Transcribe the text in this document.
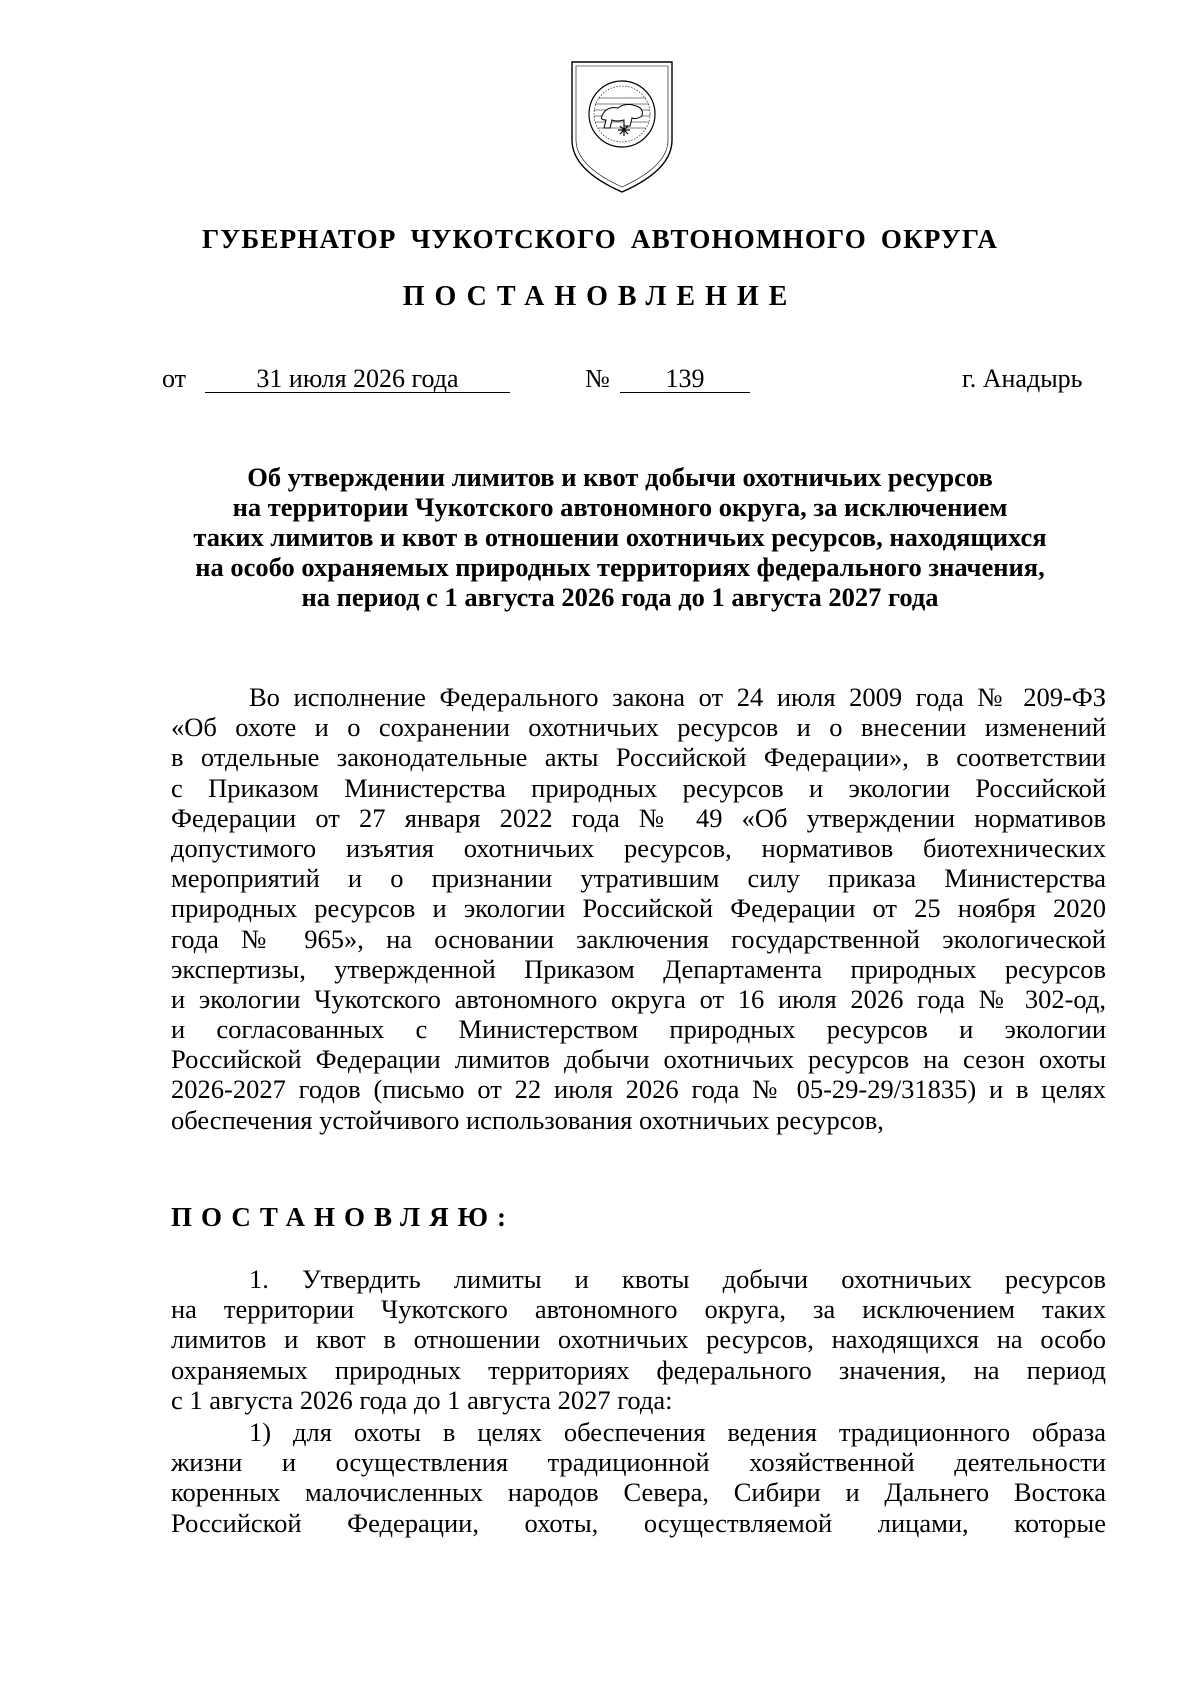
ГУБЕРНАТОР ЧУКОТСКОГО АВТОНОМНОГО ОКРУГА
ПОСТАНОВЛЕНИЕ
от	31 июля 2026 года	№	139	г. Анадырь
Об утверждении лимитов и квот добычи охотничьих ресурсов
на территории Чукотского автономного округа, за исключением
таких лимитов и квот в отношении охотничьих ресурсов, находящихся
на особо охраняемых природных территориях федерального значения,
на период с 1 августа 2026 года до 1 августа 2027 года
Во исполнение Федерального закона от 24 июля 2009 года № 209-ФЗ
«Об охоте и о сохранении охотничьих ресурсов и о внесении изменений
в отдельные законодательные акты Российской Федерации», в соответствии
с Приказом Министерства природных ресурсов и экологии Российской
Федерации от 27 января 2022 года № 49 «Об утверждении нормативов
допустимого изъятия охотничьих ресурсов, нормативов биотехнических
мероприятий и о признании утратившим силу приказа Министерства
природных ресурсов и экологии Российской Федерации от 25 ноября 2020
года № 965», на основании заключения государственной экологической
экспертизы, утвержденной Приказом Департамента природных ресурсов
и экологии Чукотского автономного округа от 16 июля 2026 года № 302-од,
и согласованных с Министерством природных ресурсов и экологии
Российской Федерации лимитов добычи охотничьих ресурсов на сезон охоты
2026-2027 годов (письмо от 22 июля 2026 года № 05-29-29/31835) и в целях
обеспечения устойчивого использования охотничьих ресурсов,
ПОСТАНОВЛЯЮ:
1. Утвердить лимиты и квоты добычи охотничьих ресурсов
на территории Чукотского автономного округа, за исключением таких
лимитов и квот в отношении охотничьих ресурсов, находящихся на особо
охраняемых природных территориях федерального значения, на период
с 1 августа 2026 года до 1 августа 2027 года:
1) для охоты в целях обеспечения ведения традиционного образа
жизни и осуществления традиционной хозяйственной деятельности
коренных малочисленных народов Севера, Сибири и Дальнего Востока
Российской Федерации, охоты, осуществляемой лицами, которые
